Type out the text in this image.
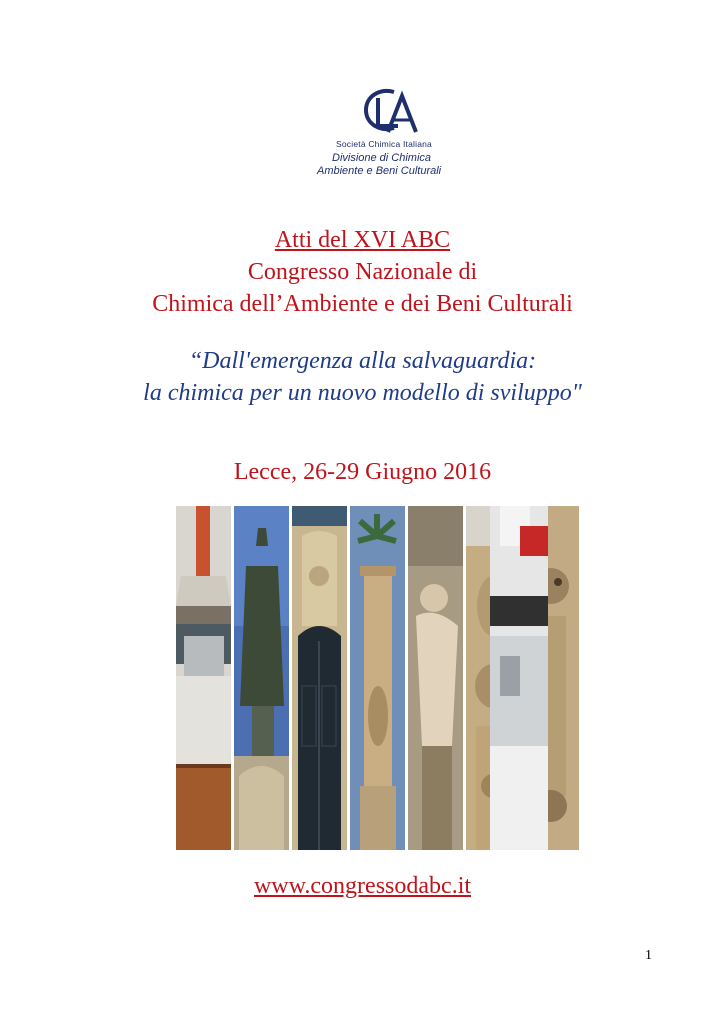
Società Chimica Italiana
Divisione di Chimica
Ambiente e Beni Culturali
Atti del XVI ABC
Congresso Nazionale di
Chimica dell’Ambiente e dei Beni Culturali
“Dall'emergenza alla salvaguardia:
la chimica per un nuovo modello di sviluppo"
Lecce, 26-29 Giugno 2016
www.congressodabc.it
1
